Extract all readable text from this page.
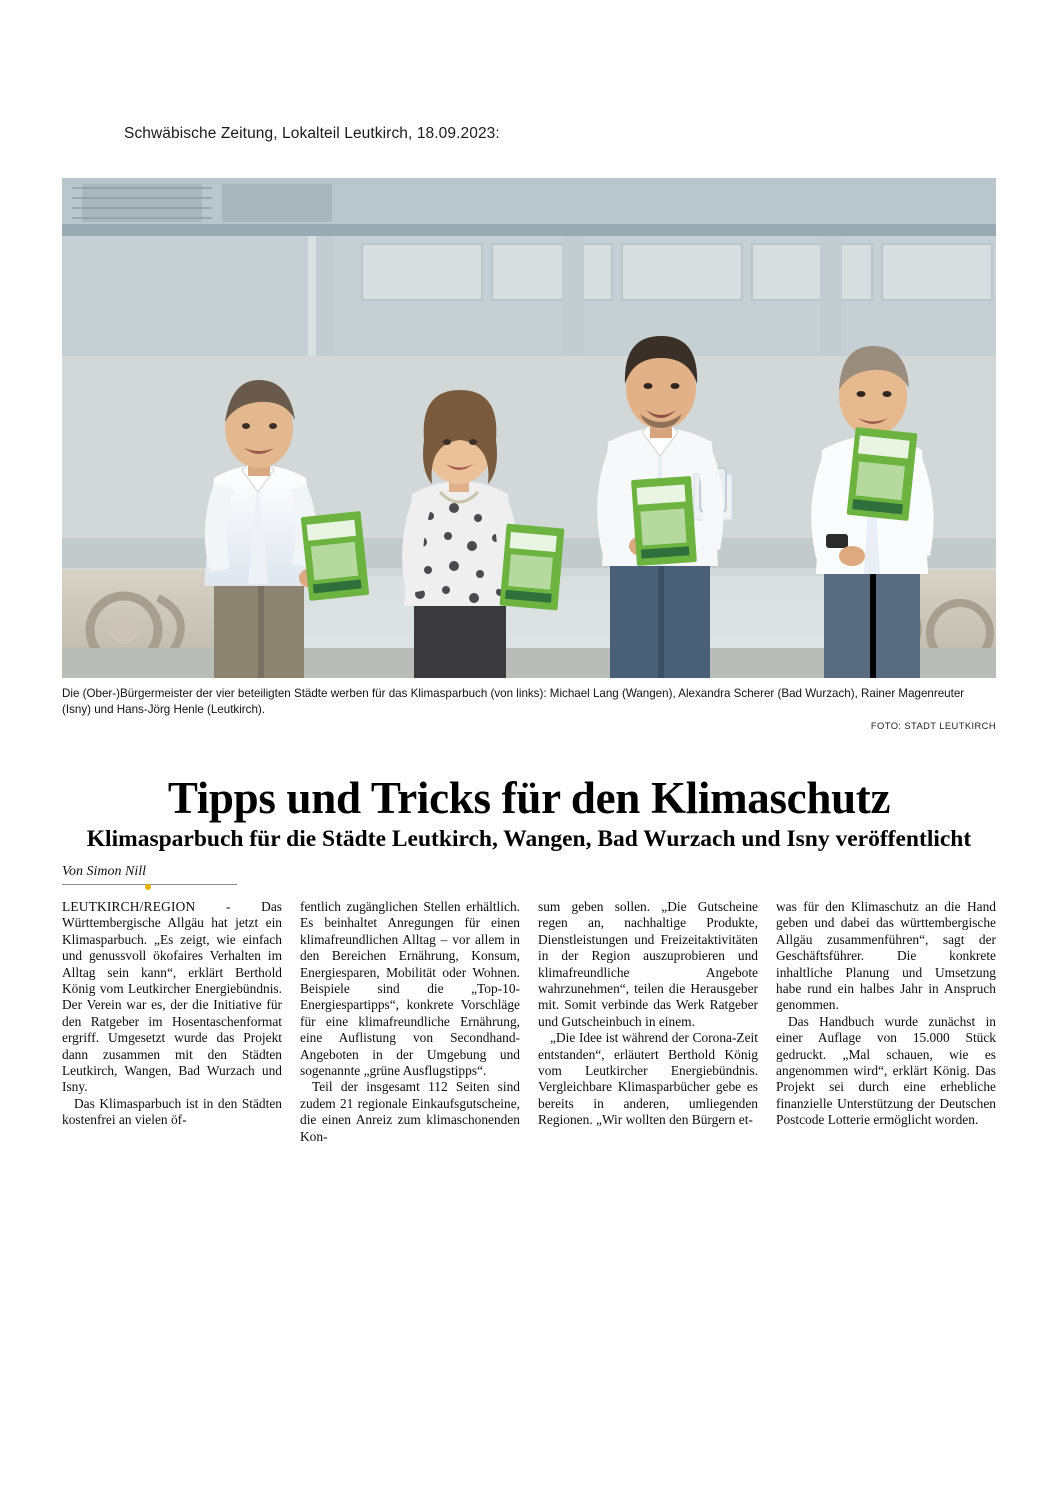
Schwäbische Zeitung, Lokalteil Leutkirch, 18.09.2023:
Die (Ober-)Bürgermeister der vier beteiligten Städte werben für das Klimasparbuch (von links): Michael Lang (Wangen), Alexandra Scherer (Bad Wurzach), Rainer Magenreuter (Isny) und Hans-Jörg Henle (Leutkirch).
FOTO: STADT LEUTKIRCH
Tipps und Tricks für den Klimaschutz
Klimasparbuch für die Städte Leutkirch, Wangen, Bad Wurzach und Isny veröffentlicht
Von Simon Nill

LEUTKIRCH/REGION - Das Württembergische Allgäu hat jetzt ein Klimasparbuch. „Es zeigt, wie einfach und genussvoll ökofaires Verhalten im Alltag sein kann“, erklärt Berthold König vom Leutkircher Energiebündnis. Der Verein war es, der die Initiative für den Ratgeber im Hosentaschenformat ergriff. Umgesetzt wurde das Projekt dann zusammen mit den Städten Leutkirch, Wangen, Bad Wurzach und Isny.

Das Klimasparbuch ist in den Städten kostenfrei an vielen öf-

fentlich zugänglichen Stellen erhältlich. Es beinhaltet Anregungen für einen klimafreundlichen Alltag – vor allem in den Bereichen Ernährung, Konsum, Energiesparen, Mobilität oder Wohnen. Beispiele sind die „Top-10-Energiespartipps“, konkrete Vorschläge für eine klimafreundliche Ernährung, eine Auflistung von Secondhand-Angeboten in der Umgebung und sogenannte „grüne Ausflugstipps“.

Teil der insgesamt 112 Seiten sind zudem 21 regionale Einkaufsgutscheine, die einen Anreiz zum klimaschonenden Kon-

sum geben sollen. „Die Gutscheine regen an, nachhaltige Produkte, Dienstleistungen und Freizeitaktivitäten in der Region auszuprobieren und klimafreundliche Angebote wahrzunehmen“, teilen die Herausgeber mit. Somit verbinde das Werk Ratgeber und Gutscheinbuch in einem.

„Die Idee ist während der Corona-Zeit entstanden“, erläutert Berthold König vom Leutkircher Energiebündnis. Vergleichbare Klimasparbücher gebe es bereits in anderen, umliegenden Regionen. „Wir wollten den Bürgern et-

was für den Klimaschutz an die Hand geben und dabei das württembergische Allgäu zusammenführen“, sagt der Geschäftsführer. Die konkrete inhaltliche Planung und Umsetzung habe rund ein halbes Jahr in Anspruch genommen.

Das Handbuch wurde zunächst in einer Auflage von 15.000 Stück gedruckt. „Mal schauen, wie es angenommen wird“, erklärt König. Das Projekt sei durch eine erhebliche finanzielle Unterstützung der Deutschen Postcode Lotterie ermöglicht worden.
